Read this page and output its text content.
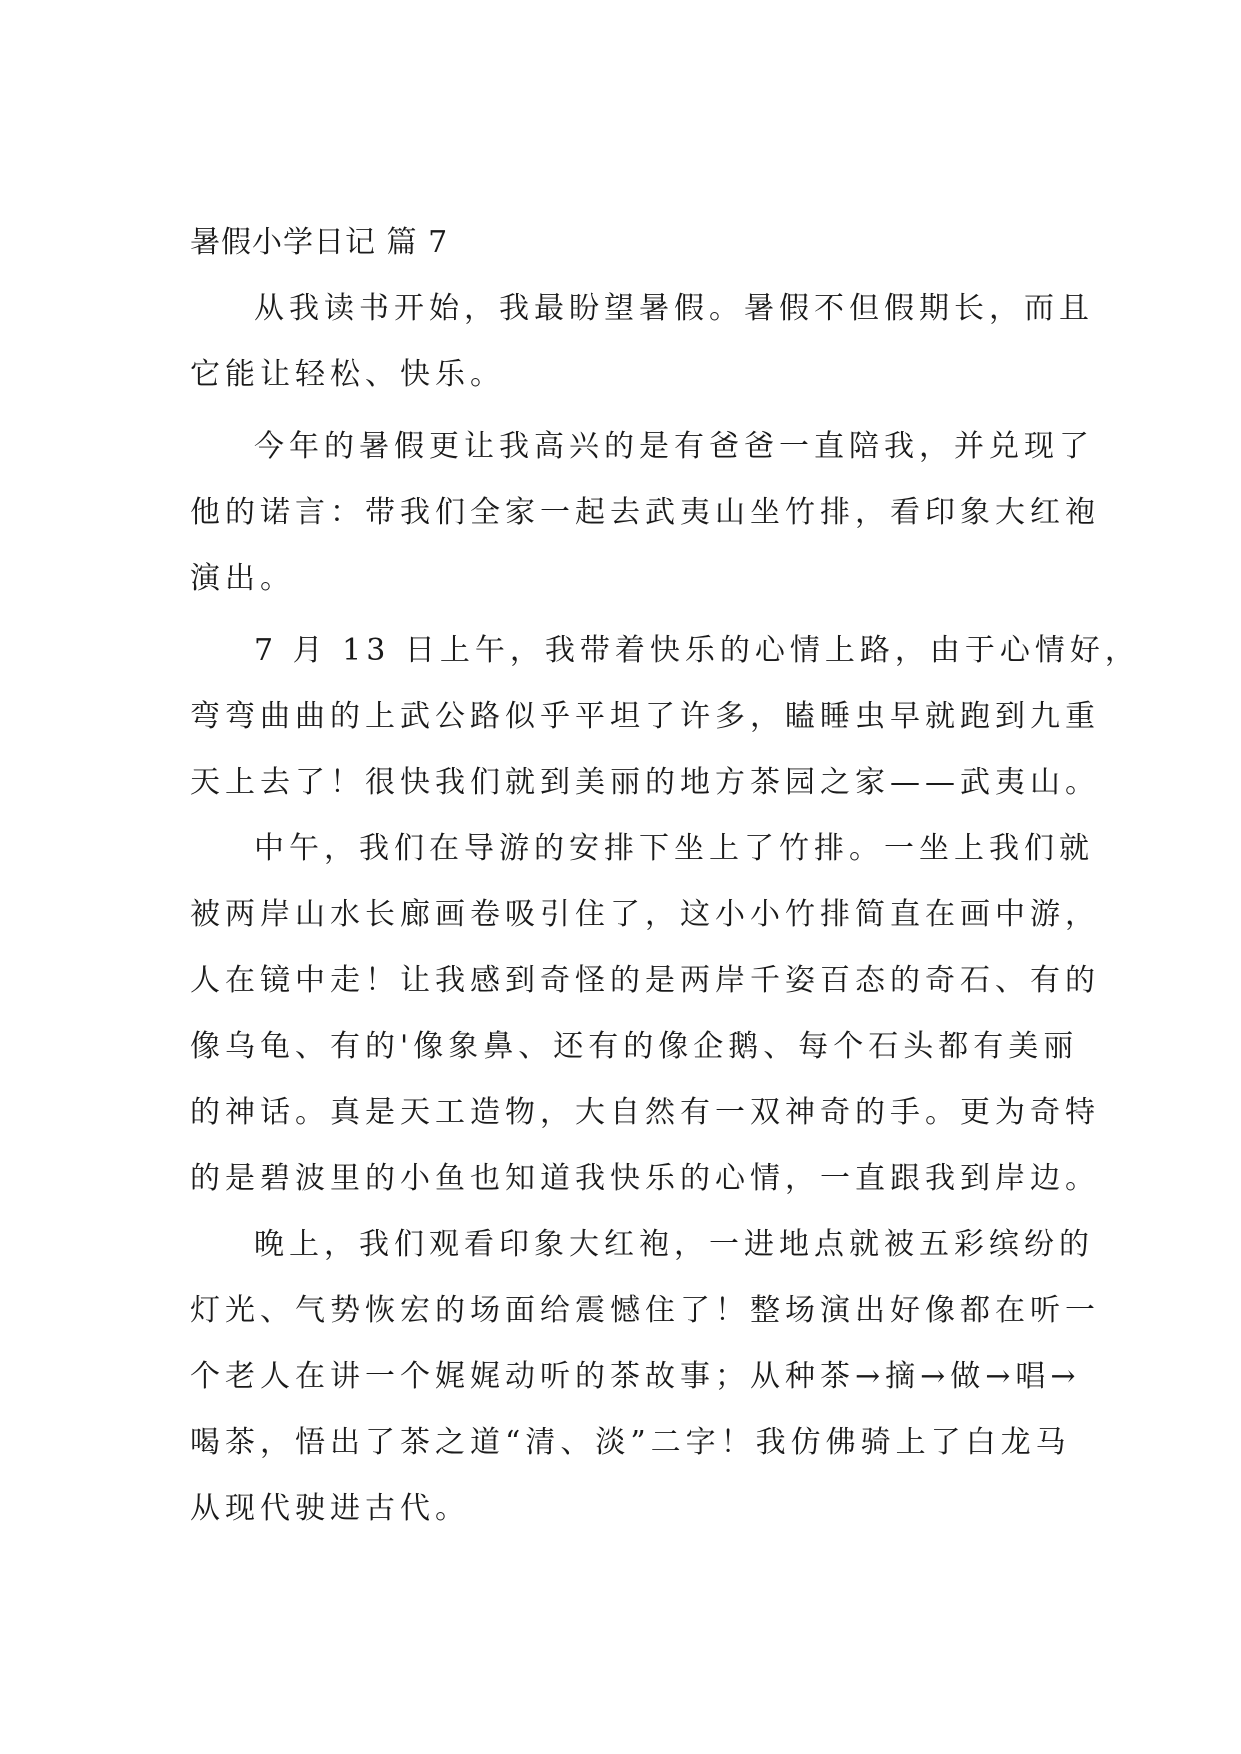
暑假小学日记 篇 7

从我读书开始，我最盼望暑假。暑假不但假期长，而且
它能让轻松、快乐。

今年的暑假更让我高兴的是有爸爸一直陪我，并兑现了
他的诺言：带我们全家一起去武夷山坐竹排，看印象大红袍
演出。

7 月 13 日上午，我带着快乐的心情上路，由于心情好，
弯弯曲曲的上武公路似乎平坦了许多，瞌睡虫早就跑到九重
天上去了！很快我们就到美丽的地方茶园之家——武夷山。

中午，我们在导游的安排下坐上了竹排。一坐上我们就
被两岸山水长廊画卷吸引住了，这小小竹排简直在画中游，
人在镜中走！让我感到奇怪的是两岸千姿百态的奇石、有的
像乌龟、有的'像象鼻、还有的像企鹅、每个石头都有美丽
的神话。真是天工造物，大自然有一双神奇的手。更为奇特
的是碧波里的小鱼也知道我快乐的心情，一直跟我到岸边。

晚上，我们观看印象大红袍，一进地点就被五彩缤纷的
灯光、气势恢宏的场面给震憾住了！整场演出好像都在听一
个老人在讲一个娓娓动听的茶故事；从种茶→摘→做→唱→
喝茶，悟出了茶之道“清、淡”二字！我仿佛骑上了白龙马
从现代驶进古代。
